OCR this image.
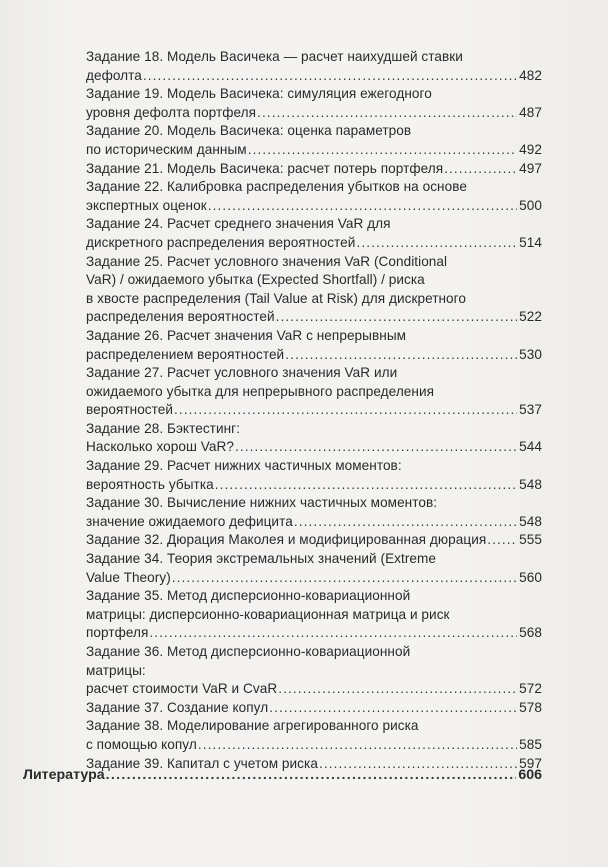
Задание 18. Модель Васичека — расчет наихудшей ставки
дефолта .....	482
Задание 19. Модель Васичека: симуляция ежегодного
уровня дефолта портфеля .....	487
Задание 20. Модель Васичека: оценка параметров
по историческим данным .....	492
Задание 21. Модель Васичека: расчет потерь портфеля .....	497
Задание 22. Калибровка распределения убытков на основе
экспертных оценок .....	500
Задание 24. Расчет среднего значения VaR для
дискретного распределения вероятностей .....	514
Задание 25. Расчет условного значения VaR (Conditional
VaR) / ожидаемого убытка (Expected Shortfall) / риска
в хвосте распределения (Tail Value at Risk) для дискретного
распределения вероятностей .....	522
Задание 26. Расчет значения VaR с непрерывным
распределением вероятностей .....	530
Задание 27. Расчет условного значения VaR или
ожидаемого убытка для непрерывного распределения
вероятностей .....	537
Задание 28. Бэктестинг:
Насколько хорош VaR? .....	544
Задание 29. Расчет нижних частичных моментов:
вероятность убытка .....	548
Задание 30. Вычисление нижних частичных моментов:
значение ожидаемого дефицита .....	548
Задание 32. Дюрация Маколея и модифицированная дюрация ..... 555
Задание 34. Теория экстремальных значений (Extreme
Value Theory) .....	560
Задание 35. Метод дисперсионно-ковариационной
матрицы: дисперсионно-ковариационная матрица и риск
портфеля .....	568
Задание 36. Метод дисперсионно-ковариационной
матрицы:
расчет стоимости VaR и CvaR .....	572
Задание 37. Создание копул .....	578
Задание 38. Моделирование агрегированного риска
с помощью копул .....	585
Задание 39. Капитал с учетом риска .....	597
Литература .....	606
